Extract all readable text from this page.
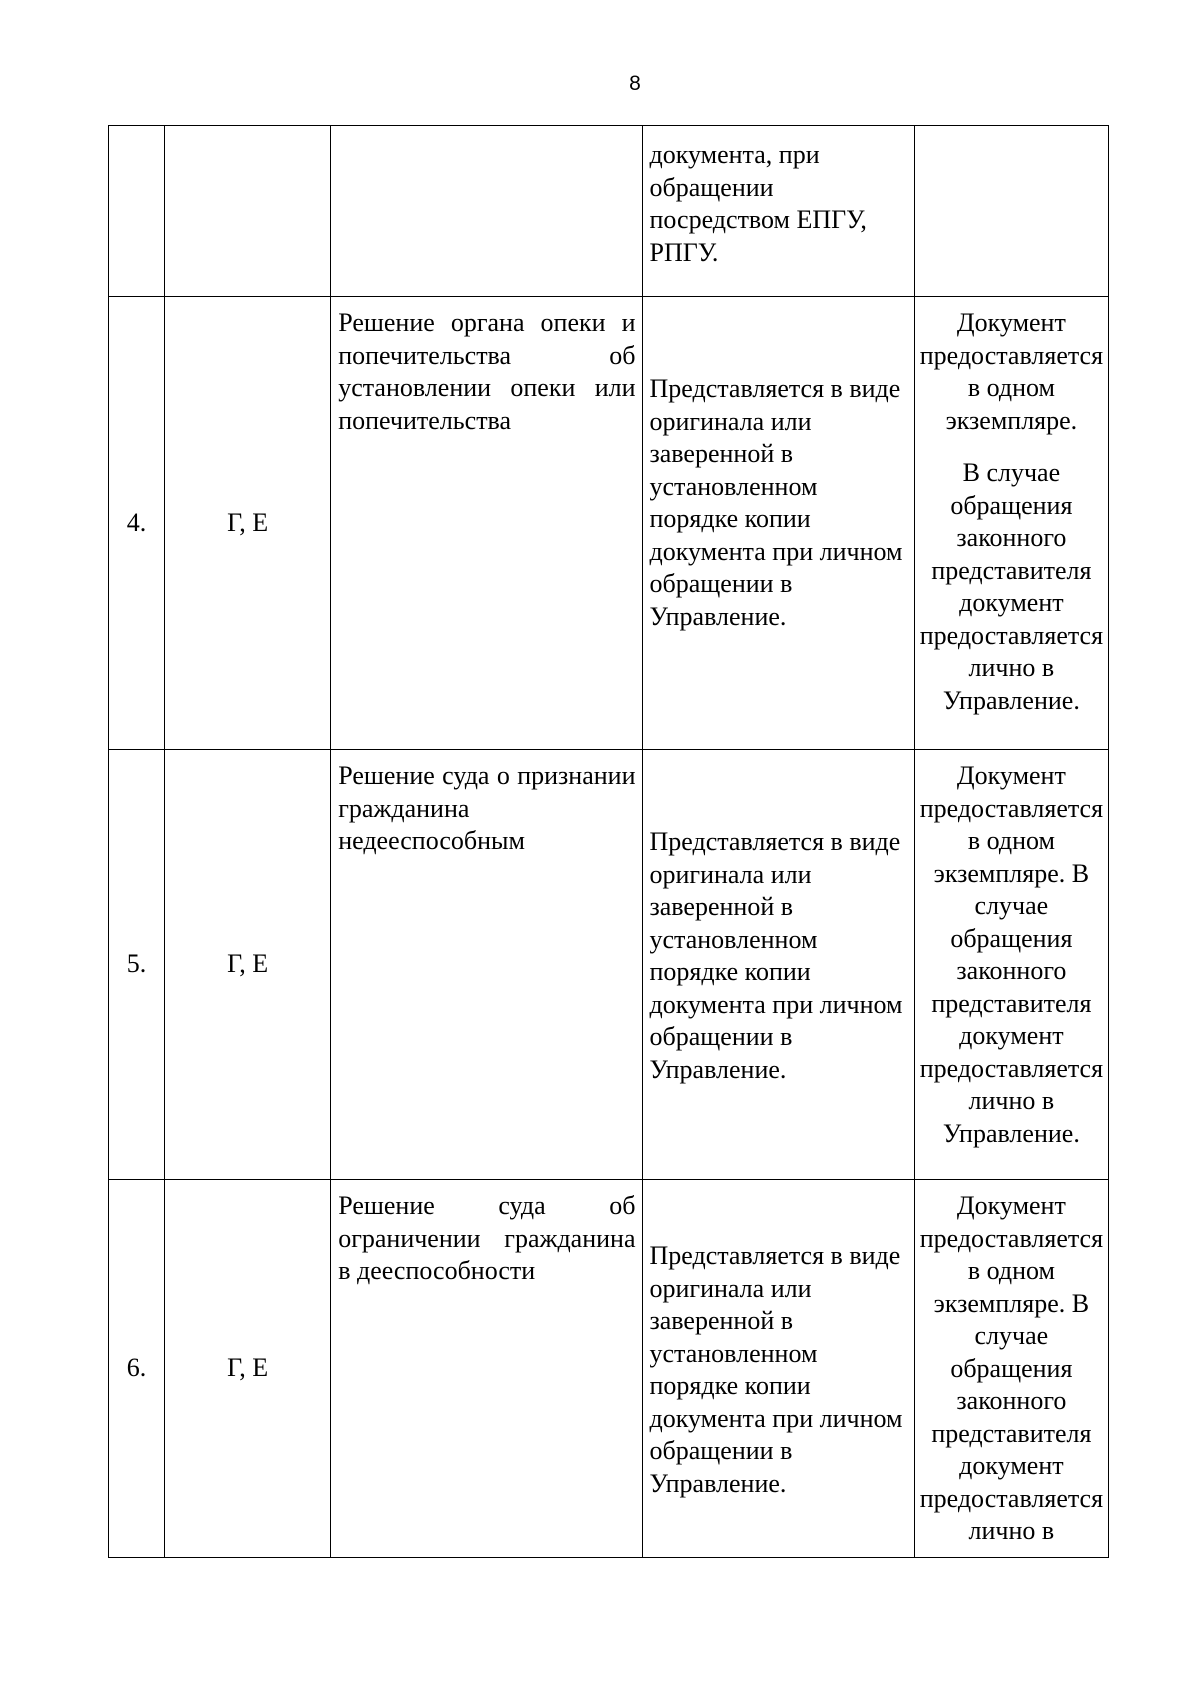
8
			документа, при обращении посредством ЕПГУ, РПГУ.	
4.	Г, Е	Решение органа опеки и попечительства об установлении опеки или попечительства	Представляется в виде оригинала или заверенной в установленном порядке копии документа при личном обращении в Управление.	Документ предоставляется в одном экземпляре.

В случае обращения законного представителя документ предоставляется лично в Управление.

5.	Г, Е	Решение суда о признании гражданина недееспособным	Представляется в виде оригинала или заверенной в установленном порядке копии документа при личном обращении в Управление.	Документ предоставляется в одном экземпляре. В случае обращения законного представителя документ предоставляется лично в Управление.

6.	Г, Е	Решение суда об ограничении гражданина в дееспособности	Представляется в виде оригинала или заверенной в установленном порядке копии документа при личном обращении в Управление.	Документ предоставляется в одном экземпляре. В случае обращения законного представителя документ предоставляется лично в
